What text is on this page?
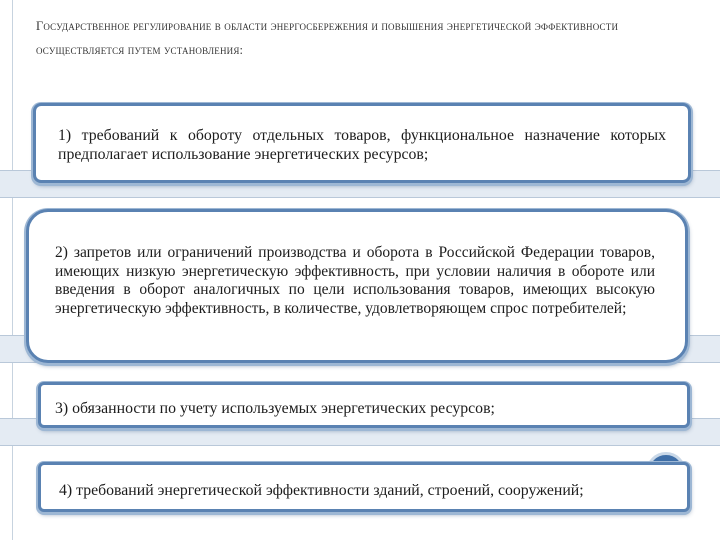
Государственное регулирование в области энергосбережения и повышения энергетической эффективности осуществляется путем установления:

1) требований к обороту отдельных товаров, функциональное назначение которых предполагает использование энергетических ресурсов;

2) запретов или ограничений производства и оборота в Российской Федерации товаров, имеющих низкую энергетическую эффективность, при условии наличия в обороте или введения в оборот аналогичных по цели использования товаров, имеющих высокую энергетическую эффективность, в количестве, удовлетворяющем спрос потребителей;

3) обязанности по учету используемых энергетических ресурсов;

4) требований энергетической эффективности зданий, строений, сооружений;
